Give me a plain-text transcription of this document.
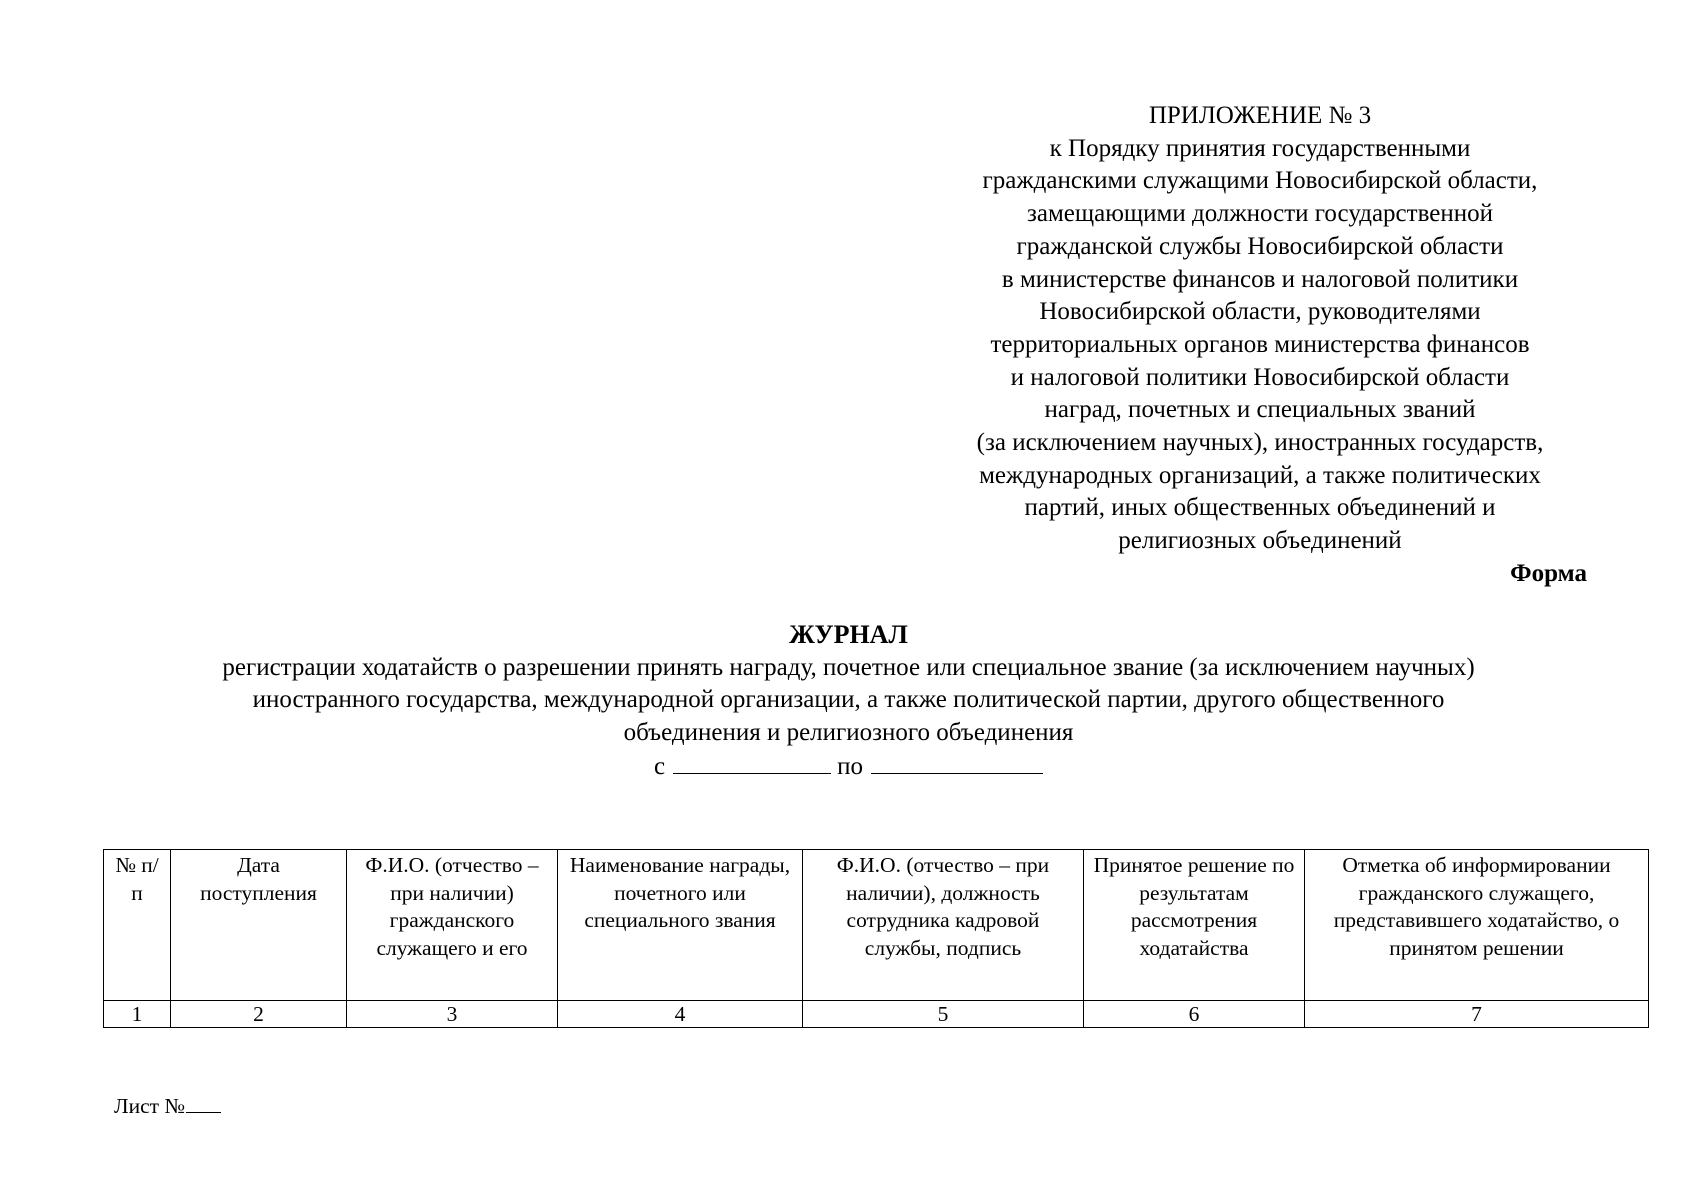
ПРИЛОЖЕНИЕ № 3
к Порядку принятия государственными
гражданскими служащими Новосибирской области,
замещающими должности государственной
гражданской службы Новосибирской области
в министерстве финансов и налоговой политики
Новосибирской области, руководителями
территориальных органов министерства финансов
и налоговой политики Новосибирской области
наград, почетных и специальных званий
(за исключением научных), иностранных государств,
международных организаций, а также политических
партий, иных общественных объединений и
религиозных объединений
Форма
ЖУРНАЛ
регистрации ходатайств о разрешении принять награду, почетное или специальное звание (за исключением научных)
иностранного государства, международной организации, а также политической партии, другого общественного
объединения и религиозного объединения
с	по
№ п/п	Дата поступления	Ф.И.О. (отчество – при наличии) гражданского служащего и его	Наименование награды, почетного или специального звания	Ф.И.О. (отчество – при наличии), должность сотрудника кадровой службы, подпись	Принятое решение по результатам рассмотрения ходатайства	Отметка об информировании гражданского служащего, представившего ходатайство, о принятом решении
1	2	3	4	5	6	7
Лист №
